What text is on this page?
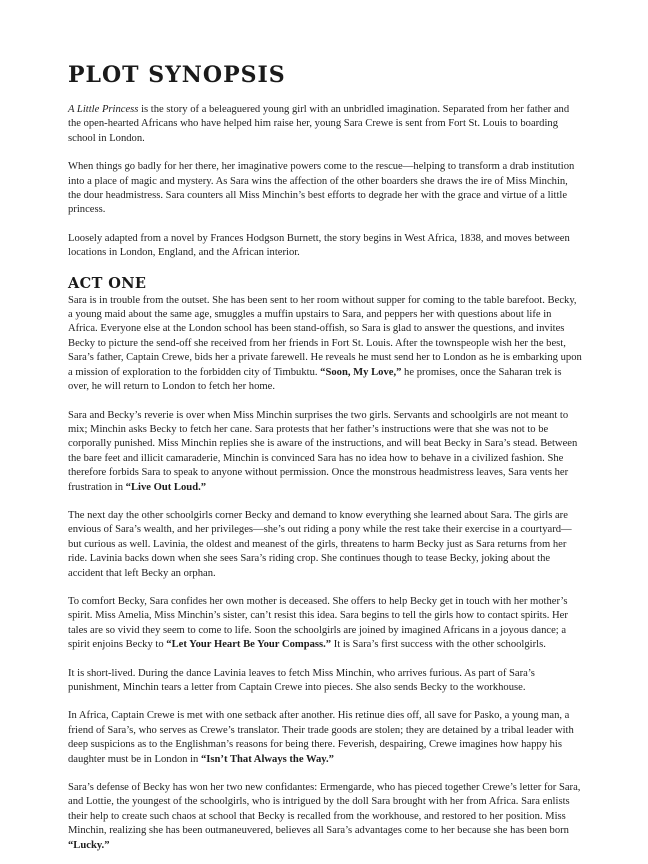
PLOT SYNOPSIS

A Little Princess is the story of a beleaguered young girl with an unbridled imagination. Separated from her father and the open-hearted Africans who have helped him raise her, young Sara Crewe is sent from Fort St. Louis to boarding school in London.

When things go badly for her there, her imaginative powers come to the rescue—helping to transform a drab institution into a place of magic and mystery. As Sara wins the affection of the other boarders she draws the ire of Miss Minchin, the dour headmistress. Sara counters all Miss Minchin’s best efforts to degrade her with the grace and virtue of a little princess.

Loosely adapted from a novel by Frances Hodgson Burnett, the story begins in West Africa, 1838, and moves between locations in London, England, and the African interior.

ACT ONE

Sara is in trouble from the outset. She has been sent to her room without supper for coming to the table barefoot. Becky, a young maid about the same age, smuggles a muffin upstairs to Sara, and peppers her with questions about life in Africa. Everyone else at the London school has been stand-offish, so Sara is glad to answer the questions, and invites Becky to picture the send-off she received from her friends in Fort St. Louis. After the townspeople wish her the best, Sara’s father, Captain Crewe, bids her a private farewell. He reveals he must send her to London as he is embarking upon a mission of exploration to the forbidden city of Timbuktu. “Soon, My Love,” he promises, once the Saharan trek is over, he will return to London to fetch her home.

Sara and Becky’s reverie is over when Miss Minchin surprises the two girls. Servants and schoolgirls are not meant to mix; Minchin asks Becky to fetch her cane. Sara protests that her father’s instructions were that she was not to be corporally punished. Miss Minchin replies she is aware of the instructions, and will beat Becky in Sara’s stead. Between the bare feet and illicit camaraderie, Minchin is convinced Sara has no idea how to behave in a civilized fashion. She therefore forbids Sara to speak to anyone without permission. Once the monstrous headmistress leaves, Sara vents her frustration in “Live Out Loud.”

The next day the other schoolgirls corner Becky and demand to know everything she learned about Sara. The girls are envious of Sara’s wealth, and her privileges—she’s out riding a pony while the rest take their exercise in a courtyard—but curious as well. Lavinia, the oldest and meanest of the girls, threatens to harm Becky just as Sara returns from her ride. Lavinia backs down when she sees Sara’s riding crop. She continues though to tease Becky, joking about the accident that left Becky an orphan.

To comfort Becky, Sara confides her own mother is deceased. She offers to help Becky get in touch with her mother’s spirit. Miss Amelia, Miss Minchin’s sister, can’t resist this idea. Sara begins to tell the girls how to contact spirits. Her tales are so vivid they seem to come to life. Soon the schoolgirls are joined by imagined Africans in a joyous dance; a spirit enjoins Becky to “Let Your Heart Be Your Compass.” It is Sara’s first success with the other schoolgirls.

It is short-lived. During the dance Lavinia leaves to fetch Miss Minchin, who arrives furious. As part of Sara’s punishment, Minchin tears a letter from Captain Crewe into pieces. She also sends Becky to the workhouse.

In Africa, Captain Crewe is met with one setback after another. His retinue dies off, all save for Pasko, a young man, a friend of Sara’s, who serves as Crewe’s translator. Their trade goods are stolen; they are detained by a tribal leader with deep suspicions as to the Englishman’s reasons for being there. Feverish, despairing, Crewe imagines how happy his daughter must be in London in “Isn’t That Always the Way.”

Sara’s defense of Becky has won her two new confidantes: Ermengarde, who has pieced together Crewe’s letter for Sara, and Lottie, the youngest of the schoolgirls, who is intrigued by the doll Sara brought with her from Africa. Sara enlists their help to create such chaos at school that Becky is recalled from the workhouse, and restored to her position. Miss Minchin, realizing she has been outmaneuvered, believes all Sara’s advantages come to her because she has been born “Lucky.”
